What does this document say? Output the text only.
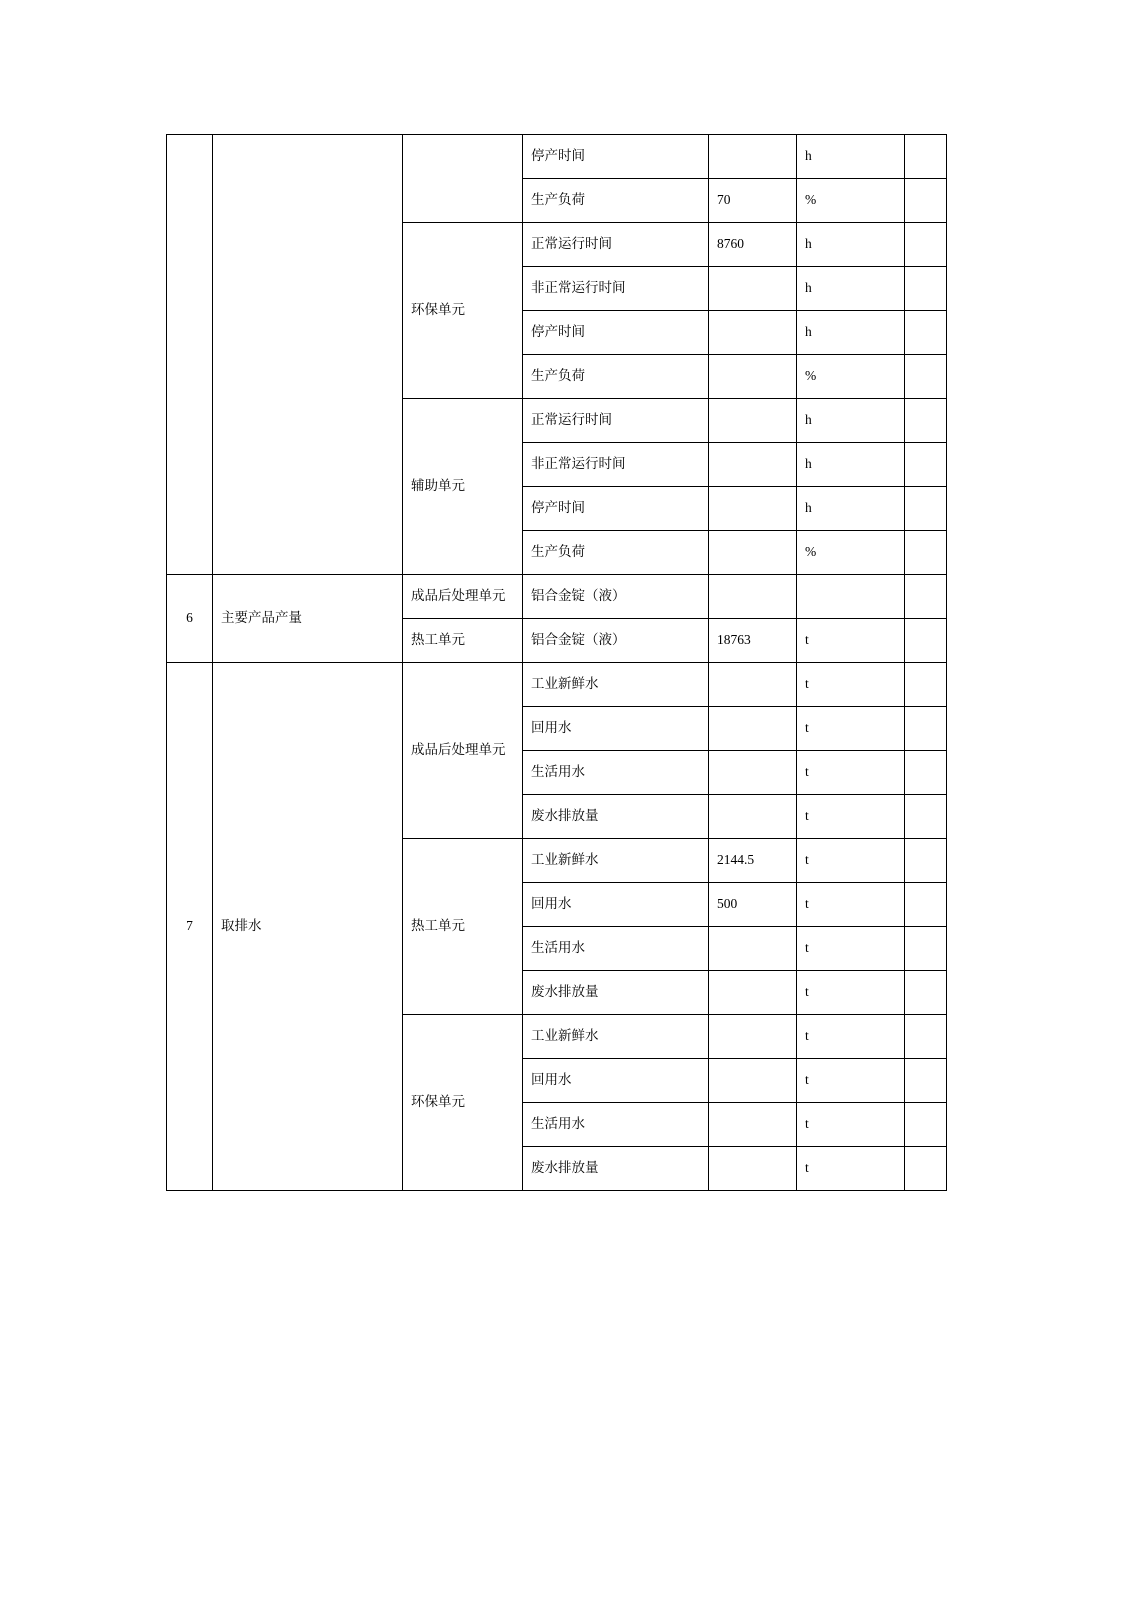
			停产时间		h	
			生产负荷	70	%	
		环保单元	正常运行时间	8760	h	
			非正常运行时间		h	
			停产时间		h	
			生产负荷		%	
		辅助单元	正常运行时间		h	
			非正常运行时间		h	
			停产时间		h	
			生产负荷		%	
6	主要产品产量	成品后处理单元	铝合金锭（液）			
		热工单元	铝合金锭（液）	18763	t	
7	取排水	成品后处理单元	工业新鲜水		t	
			回用水		t	
			生活用水		t	
			废水排放量		t	
		热工单元	工业新鲜水	2144.5	t	
			回用水	500	t	
			生活用水		t	
			废水排放量		t	
		环保单元	工业新鲜水		t	
			回用水		t	
			生活用水		t	
			废水排放量		t	
